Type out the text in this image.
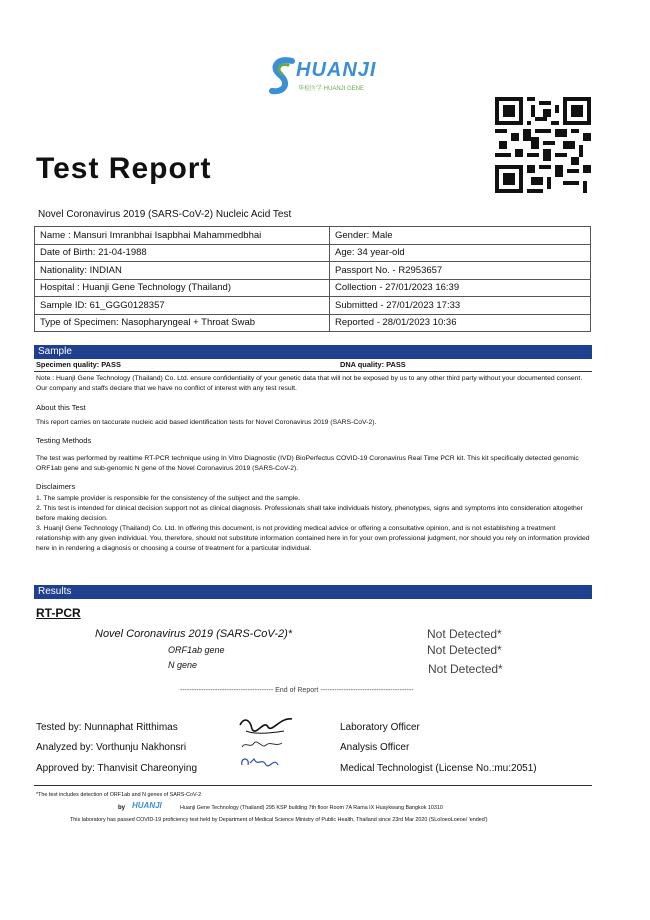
HUANJI
华检医学 HUANJI GENE
Test Report
Novel Coronavirus 2019 (SARS-CoV-2) Nucleic Acid Test
Name : Mansuri Imranbhai Isapbhai Mahammedbhai	Gender: Male
Date of Birth: 21-04-1988	Age: 34 year-old
Nationality: INDIAN	Passport No. - R2953657
Hospital : Huanji Gene Technology (Thailand)	Collection - 27/01/2023 16:39
Sample ID: 61_GGG0128357	Submitted - 27/01/2023 17:33
Type of Specimen: Nasopharyngeal + Throat Swab	Reported - 28/01/2023 10:36
Sample
Specimen quality: PASS	DNA quality: PASS
Note : HuanjI Gene Technology (Thailand) Co. Ltd. ensure confidentiality of your genetic data that will not be exposed by us to any other third party without your documented consent. Our company and staffs declare that we have no conflict of interest with any test result.
About this Test
This report carries on taccurate nucleic acid based identification tests for Novel Coronavirus 2019 (SARS-CoV-2).
Testing Methods
The test was performed by realtime RT-PCR technique using In Vitro Diagnostic (IVD) BioPerfectus COVID-19 Coronavirus Real Time PCR kit. This kit specifically detected genomic ORF1ab gene and sub-genomic N gene of the Novel Coronavirus 2019 (SARS-CoV-2).
Disclaimers
1. The sample provider is responsible for the consistency of the subject and the sample.
2. This test is intended for clinical decision support not as clinical diagnosis. Professionals shall take individuals history, phenotypes, signs and symptoms into consideration altogether before making decision.
3. HuanjI Gene Technology (Thailand) Co. Ltd. In offering this document, is not providing medical advice or offering a consultative opinion, and is not establishing a treatment relationship with any given individual. You, therefore, should not substitute information contained here in for your own professional judgment, nor should you rely on information provided here in in rendering a diagnosis or choosing a course of treatment for a particular individual.
Results
RT-PCR
Novel Coronavirus 2019 (SARS-CoV-2)*	Not Detected*
ORF1ab gene	Not Detected*
N gene	Not Detected*
---------------------------------------- End of Report ----------------------------------------
Tested by: Nunnaphat Ritthimas	Laboratory Officer
Analyzed by: Vorthunju Nakhonsri	Analysis Officer
Approved by: Thanvisit Chareonying	Medical Technologist (License No.:mu:2051)
*The test includes detection of ORF1ab and N genes of SARS-CoV-2
by HUANJI	Huanji Gene Technology (Thailand) 295 KSP building 7th floor Room 7A Rama IX Huaykwang Bangkok 10310
This laboratory has passed COVID-19 proficiency test held by Department of Medical Science Ministry of Public Health, Thailand since 23rd Mar 2020 (SLoIoeoLoeoe/ 'ended')
